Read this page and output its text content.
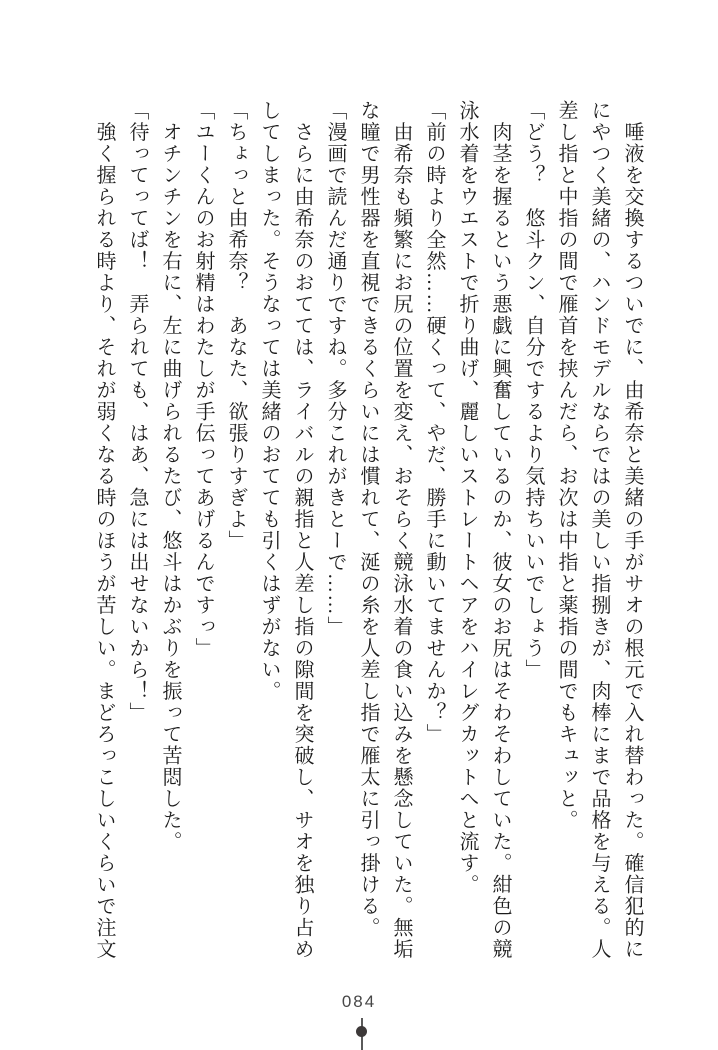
　唾液を交換するついでに、由希奈と美緒の手がサオの根元で入れ替わった。確信犯的に
にやつく美緒の、ハンドモデルならではの美しい指捌きが、肉棒にまで品格を与える。人
差し指と中指の間で雁首を挟んだら、お次は中指と薬指の間でもキュッと。
「どう？　悠斗クン、自分でするより気持ちいいでしょう」
　肉茎を握るという悪戯に興奮しているのか、彼女のお尻はそわそわしていた。紺色の競
泳水着をウエストで折り曲げ、麗しいストレートヘアをハイレグカットへと流す。
「前の時より全然……硬くって、やだ、勝手に動いてませんか？」
　由希奈も頻繁にお尻の位置を変え、おそらく競泳水着の食い込みを懸念していた。無垢
な瞳で男性器を直視できるくらいには慣れて、涎の糸を人差し指で雁太に引っ掛ける。
「漫画で読んだ通りですね。多分これがきとーで……」
　さらに由希奈のおてては、ライバルの親指と人差し指の隙間を突破し、サオを独り占め
してしまった。そうなっては美緒のおてても引くはずがない。
「ちょっと由希奈？　あなた、欲張りすぎよ」
「ユーくんのお射精はわたしが手伝ってあげるんですっ」
　オチンチンを右に、左に曲げられるたび、悠斗はかぶりを振って苦悶した。
「待ってってば！　弄られても、はあ、急には出せないから！」
　強く握られる時より、それが弱くなる時のほうが苦しい。まどろっこしいくらいで注文
084
